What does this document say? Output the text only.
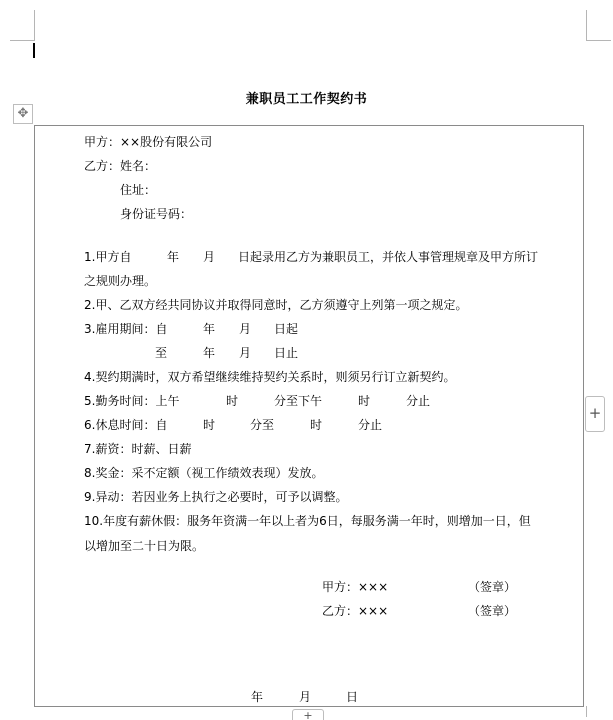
兼职员工工作契约书
✥
+
+
甲方：××股份有限公司
乙方：姓名：
住址：
身份证号码：
1.甲方自	年 月 日起录用乙方为兼职员工，并依人事管理规章及甲方所订
之规则办理。
2.甲、乙双方经共同协议并取得同意时，乙方须遵守上列第一项之规定。
3.雇用期间：自	年 月 日起
至	年 月 日止
4.契约期满时，双方希望继续维持契约关系时，则须另行订立新契约。
5.勤务时间：上午	时	分至下午	时	分止
6.休息时间：自	时	分至	时	分止
7.薪资：时薪、日薪
8.奖金：采不定额（视工作绩效表现）发放。
9.异动：若因业务上执行之必要时，可予以调整。
10.年度有薪休假：服务年资满一年以上者为6日，每服务满一年时，则增加一日，但
以增加至二十日为限。
甲方：×××	（签章）
乙方：×××	（签章）
年	月	日
